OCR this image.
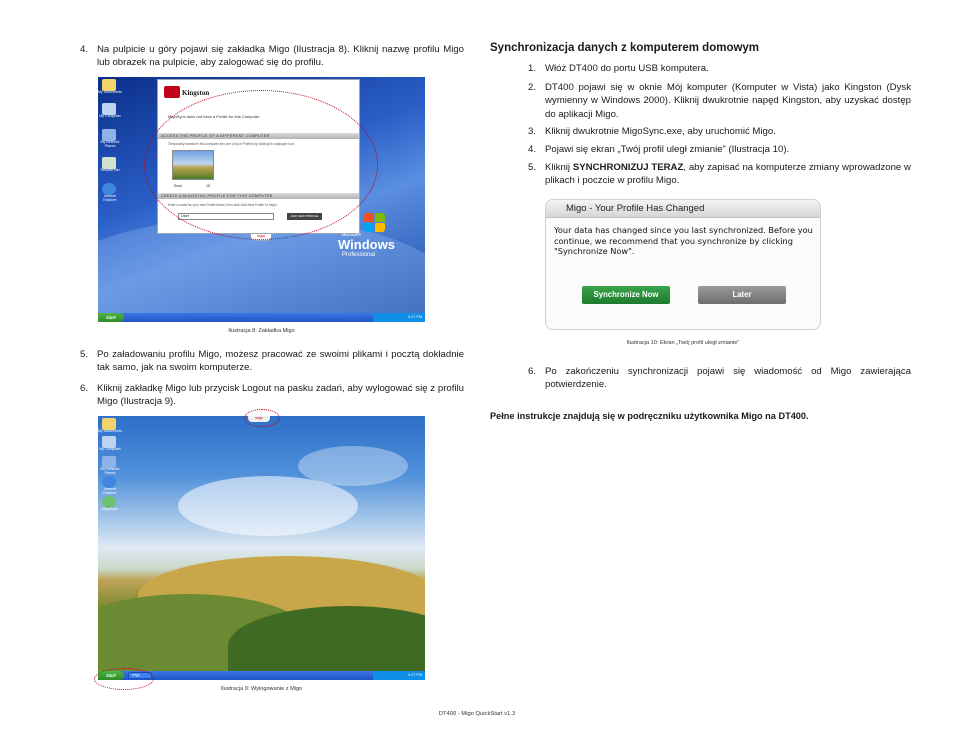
4. Na pulpicie u góry pojawi się zakładka Migo (Ilustracja 8). Kliknij nazwę profilu Migo lub obrazek na pulpicie, aby zalogować się do profilu.
My Documents
My Computer
My Network Places
Recycle Bin
Internet Explorer
Kingston
MigoSync does not have a Profile for this Computer.
ACCESS THE PROFILE OF A DIFFERENT COMPUTER
Temporarily transform this computer into one of your Profiles by clicking its wallpaper icon.
Root	15
CREATE A MIGOSYNC PROFILE FOR THIS COMPUTER
Enter a name for your new Profile below, then click 'Add New Profile' to begin.
User	ADD NEW PROFILE
migo	Microsoft®
Windows
Professional
start	4:17 PM
Ilustracja 8: Zakładka Migo
5. Po załadowaniu profilu Migo, możesz pracować ze swoimi plikami i pocztą dokładnie tak samo, jak na swoim komputerze.
6. Kliknij zakładkę Migo lub przycisk Logout na pasku zadań, aby wylogować się z profilu Migo (Ilustracja 9).
My Documents
My Computer
My Network Places
Internet Explorer
MigoSync
migo
start	migo	4:17 PM
Ilustracja 9: Wylogowanie z Migo
Synchronizacja danych z komputerem domowym
1. Włóż DT400 do portu USB komputera.
2. DT400 pojawi się w oknie Mój komputer (Komputer w Vista) jako Kingston (Dysk wymienny w Windows 2000). Kliknij dwukrotnie napęd Kingston, aby uzyskać dostęp do aplikacji Migo.
3. Kliknij dwukrotnie MigoSync.exe, aby uruchomić Migo.
4. Pojawi się ekran „Twój profil uległ zmianie” (Ilustracja 10).
5. Kliknij SYNCHRONIZUJ TERAZ, aby zapisać na komputerze zmiany wprowadzone w plikach i poczcie w profilu Migo.
Migo - Your Profile Has Changed
Your data has changed since you last synchronized. Before you continue, we recommend that you synchronize by clicking "Synchronize Now".
Synchronize Now	Later
Ilustracja 10: Ekran „Twój profil uległ zmianie”
6. Po zakończeniu synchronizacji pojawi się wiadomość od Migo zawierająca potwierdzenie.
Pełne instrukcje znajdują się w podręczniku użytkownika Migo na DT400.
DT400 - Migo QuickStart v1.3
